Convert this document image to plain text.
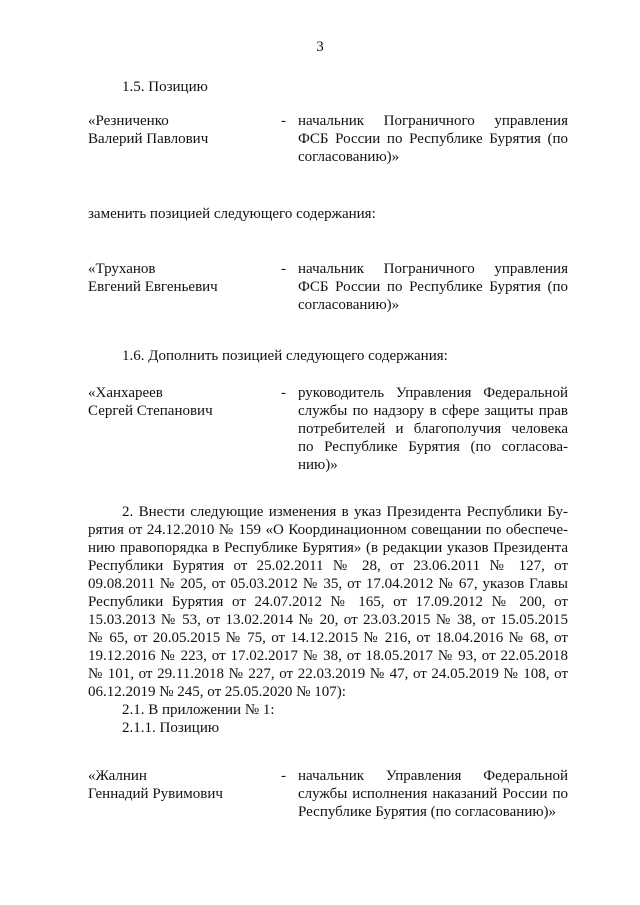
3
1.5. Позицию
«Резниченко
Валерий Павлович
- начальник Пограничного управления
ФСБ России по Республике Бурятия (по
согласованию)»
заменить позицией следующего содержания:
«Труханов
Евгений Евгеньевич
- начальник Пограничного управления
ФСБ России по Республике Бурятия (по
согласованию)»
1.6. Дополнить позицией следующего содержания:
«Ханхареев
Сергей Степанович
- руководитель Управления Федеральной
службы по надзору в сфере защиты прав
потребителей и благополучия человека
по Республике Бурятия (по согласова-
нию)»
2. Внести следующие изменения в указ Президента Республики Бу-
рятия от 24.12.2010 № 159 «О Координационном совещании по обеспече-
нию правопорядка в Республике Бурятия» (в редакции указов Президента
Республики Бурятия от 25.02.2011 № 28, от 23.06.2011 № 127, от
09.08.2011 № 205, от 05.03.2012 № 35, от 17.04.2012 № 67, указов Главы
Республики Бурятия от 24.07.2012 № 165, от 17.09.2012 № 200, от
15.03.2013 № 53, от 13.02.2014 № 20, от 23.03.2015 № 38, от 15.05.2015
№ 65, от 20.05.2015 № 75, от 14.12.2015 № 216, от 18.04.2016 № 68, от
19.12.2016 № 223, от 17.02.2017 № 38, от 18.05.2017 № 93, от 22.05.2018
№ 101, от 29.11.2018 № 227, от 22.03.2019 № 47, от 24.05.2019 № 108, от
06.12.2019 № 245, от 25.05.2020 № 107):
2.1. В приложении № 1:
2.1.1. Позицию
«Жалнин
Геннадий Рувимович
- начальник Управления Федеральной
службы исполнения наказаний России по
Республике Бурятия (по согласованию)»
